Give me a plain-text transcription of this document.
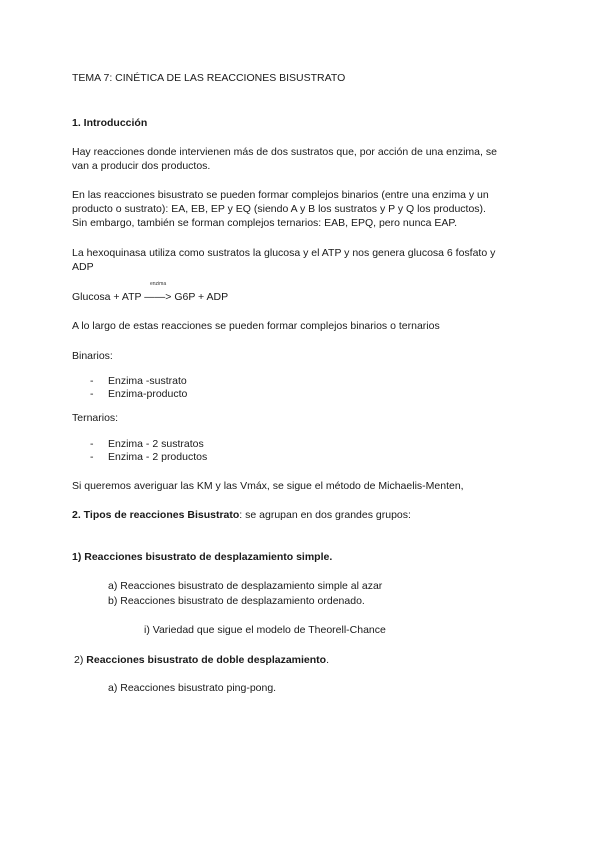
TEMA 7: CINÉTICA DE LAS REACCIONES BISUSTRATO
1. Introducción
Hay reacciones donde intervienen más de dos sustratos que, por acción de una enzima, se
van a producir dos productos.
En las reacciones bisustrato se pueden formar complejos binarios (entre una enzima y un
producto o sustrato): EA, EB, EP y EQ (siendo A y B los sustratos y P y Q los productos).
Sin embargo, también se forman complejos ternarios: EAB, EPQ, pero nunca EAP.
La hexoquinasa utiliza como sustratos la glucosa y el ATP y nos genera glucosa 6 fosfato y
ADP
enzima
Glucosa + ATP ——> G6P + ADP
A lo largo de estas reacciones se pueden formar complejos binarios o ternarios
Binarios:
- Enzima -sustrato
- Enzima-producto
Ternarios:
- Enzima - 2 sustratos
- Enzima - 2 productos
Si queremos averiguar las KM y las Vmáx, se sigue el método de Michaelis-Menten,
2. Tipos de reacciones Bisustrato: se agrupan en dos grandes grupos:
1) Reacciones bisustrato de desplazamiento simple.
a) Reacciones bisustrato de desplazamiento simple al azar
b) Reacciones bisustrato de desplazamiento ordenado.
i) Variedad que sigue el modelo de Theorell-Chance
2) Reacciones bisustrato de doble desplazamiento.
a) Reacciones bisustrato ping-pong.
